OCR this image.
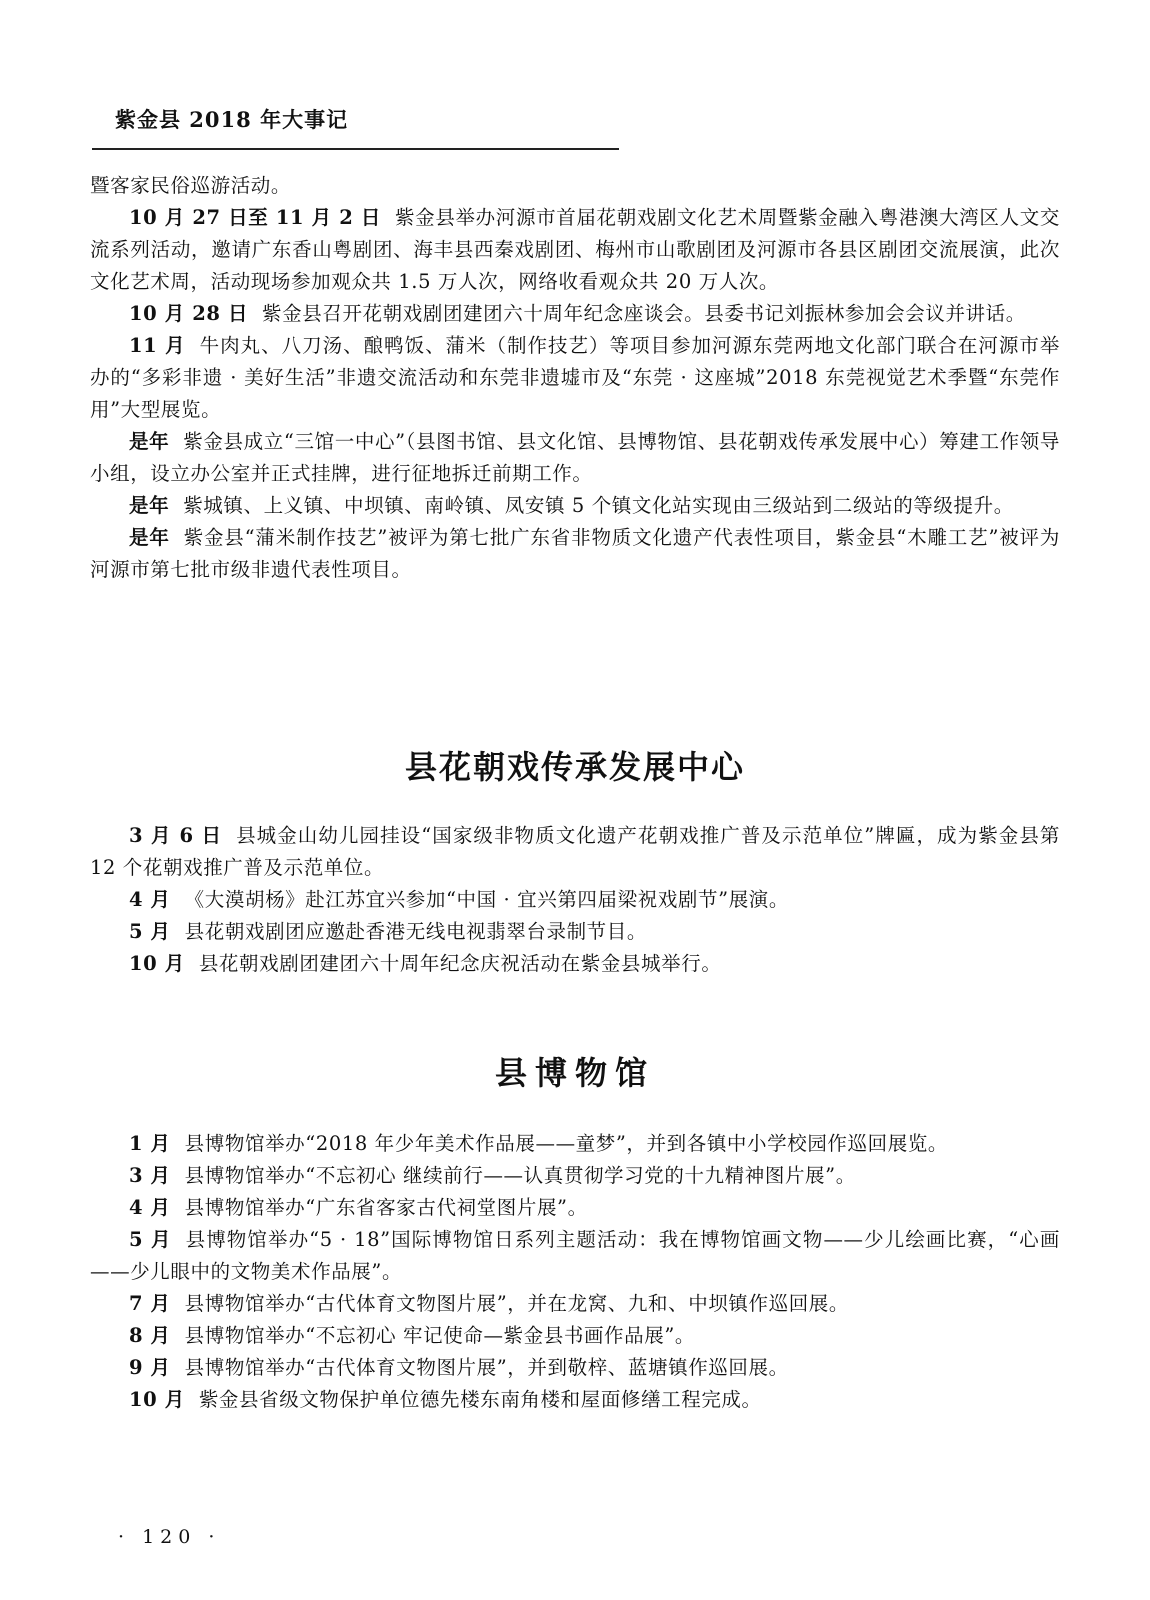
紫金县 2018 年大事记

暨客家民俗巡游活动。

10 月 27 日至 11 月 2 日 紫金县举办河源市首届花朝戏剧文化艺术周暨紫金融入粤港澳大湾区人文交流系列活动，邀请广东香山粤剧团、海丰县西秦戏剧团、梅州市山歌剧团及河源市各县区剧团交流展演，此次文化艺术周，活动现场参加观众共 1.5 万人次，网络收看观众共 20 万人次。

10 月 28 日 紫金县召开花朝戏剧团建团六十周年纪念座谈会。县委书记刘振林参加会会议并讲话。

11 月 牛肉丸、八刀汤、酿鸭饭、蒲米（制作技艺）等项目参加河源东莞两地文化部门联合在河源市举办的“多彩非遗 · 美好生活”非遗交流活动和东莞非遗墟市及“东莞 · 这座城”2018 东莞视觉艺术季暨“东莞作用”大型展览。

是年 紫金县成立“三馆一中心”（县图书馆、县文化馆、县博物馆、县花朝戏传承发展中心）筹建工作领导小组，设立办公室并正式挂牌，进行征地拆迁前期工作。

是年 紫城镇、上义镇、中坝镇、南岭镇、凤安镇 5 个镇文化站实现由三级站到二级站的等级提升。

是年 紫金县“蒲米制作技艺”被评为第七批广东省非物质文化遗产代表性项目，紫金县“木雕工艺”被评为河源市第七批市级非遗代表性项目。

县花朝戏传承发展中心

3 月 6 日 县城金山幼儿园挂设“国家级非物质文化遗产花朝戏推广普及示范单位”牌匾，成为紫金县第 12 个花朝戏推广普及示范单位。

4 月 《大漠胡杨》赴江苏宜兴参加“中国 · 宜兴第四届梁祝戏剧节”展演。

5 月 县花朝戏剧团应邀赴香港无线电视翡翠台录制节目。

10 月 县花朝戏剧团建团六十周年纪念庆祝活动在紫金县城举行。

县博物馆

1 月 县博物馆举办“2018 年少年美术作品展——童梦”，并到各镇中小学校园作巡回展览。

3 月 县博物馆举办“不忘初心 继续前行——认真贯彻学习党的十九精神图片展”。

4 月 县博物馆举办“广东省客家古代祠堂图片展”。

5 月 县博物馆举办“5 · 18”国际博物馆日系列主题活动：我在博物馆画文物——少儿绘画比赛，“心画——少儿眼中的文物美术作品展”。

7 月 县博物馆举办“古代体育文物图片展”，并在龙窝、九和、中坝镇作巡回展。

8 月 县博物馆举办“不忘初心 牢记使命—紫金县书画作品展”。

9 月 县博物馆举办“古代体育文物图片展”，并到敬梓、蓝塘镇作巡回展。

10 月 紫金县省级文物保护单位德先楼东南角楼和屋面修缮工程完成。

· 120 ·
